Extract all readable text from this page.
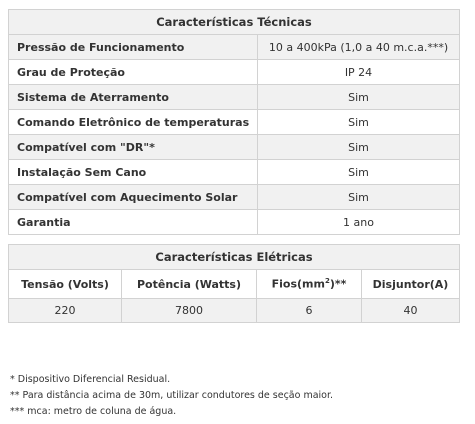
Características Técnicas	
Pressão de Funcionamento	10 a 400kPa (1,0 a 40 m.c.a.***)
Grau de Proteção	IP 24
Sistema de Aterramento	Sim
Comando Eletrônico de temperaturas	Sim
Compatível com "DR"*	Sim
Instalação Sem Cano	Sim
Compatível com Aquecimento Solar	Sim
Garantia	1 ano
Características Elétricas			
Tensão (Volts)	Potência (Watts)	$Fios(mm^2)**$	Disjuntor(A)
220	7800	6	40
* Dispositivo Diferencial Residual.
** Para distância acima de 30m, utilizar condutores de seção maior.
*** mca: metro de coluna de água.
